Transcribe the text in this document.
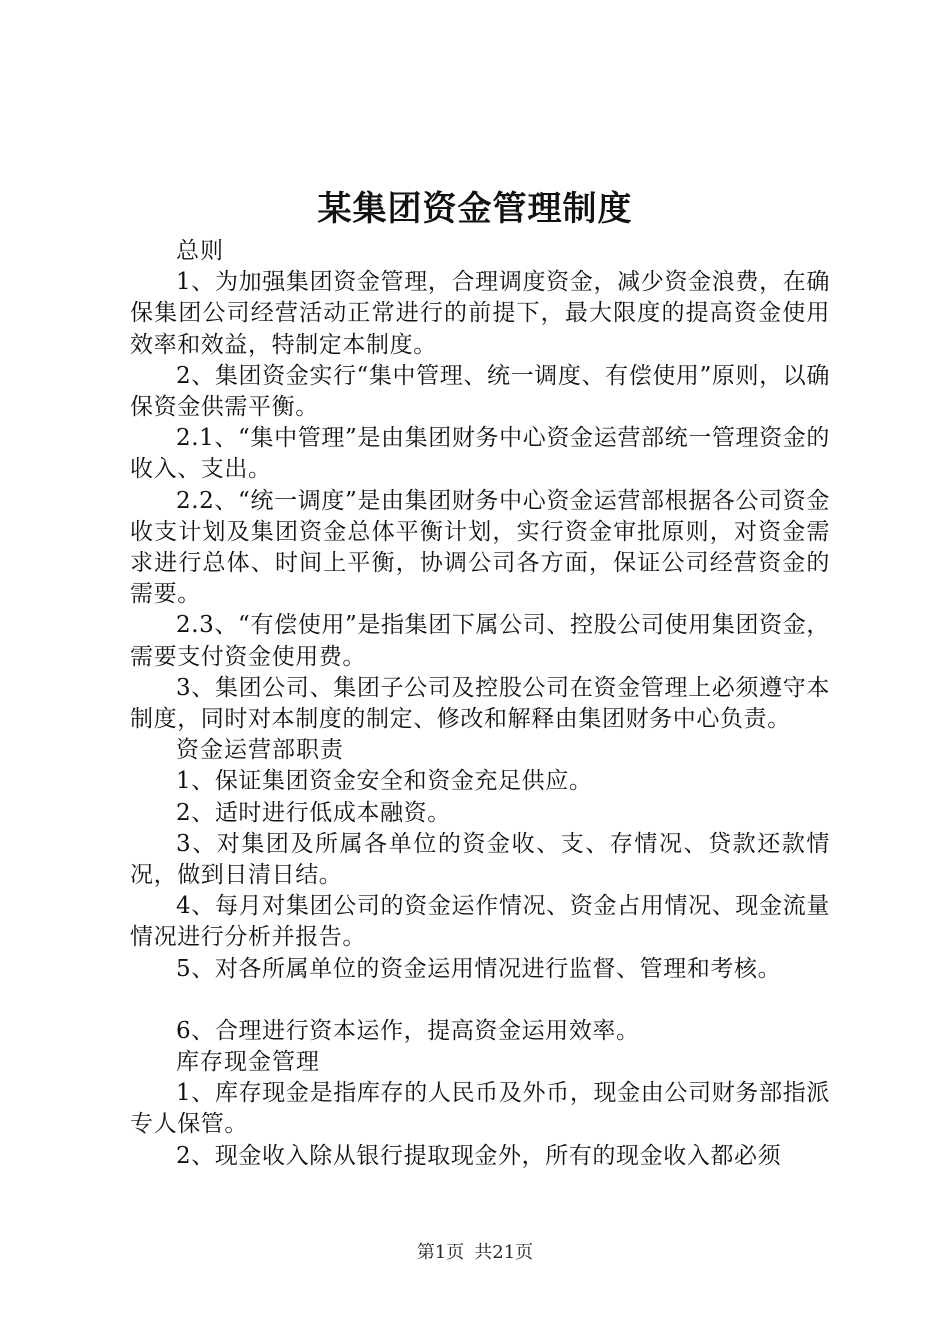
某集团资金管理制度

总则

1、为加强集团资金管理，合理调度资金，减少资金浪费，在确保集团公司经营活动正常进行的前提下，最大限度的提高资金使用效率和效益，特制定本制度。

2、集团资金实行“集中管理、统一调度、有偿使用”原则，以确保资金供需平衡。

2.1、“集中管理”是由集团财务中心资金运营部统一管理资金的收入、支出。

2.2、“统一调度”是由集团财务中心资金运营部根据各公司资金收支计划及集团资金总体平衡计划，实行资金审批原则，对资金需求进行总体、时间上平衡，协调公司各方面，保证公司经营资金的需要。

2.3、“有偿使用”是指集团下属公司、控股公司使用集团资金，需要支付资金使用费。

3、集团公司、集团子公司及控股公司在资金管理上必须遵守本制度，同时对本制度的制定、修改和解释由集团财务中心负责。

资金运营部职责

1、保证集团资金安全和资金充足供应。

2、适时进行低成本融资。

3、对集团及所属各单位的资金收、支、存情况、贷款还款情况，做到日清日结。

4、每月对集团公司的资金运作情况、资金占用情况、现金流量情况进行分析并报告。

5、对各所属单位的资金运用情况进行监督、管理和考核。

6、合理进行资本运作，提高资金运用效率。

库存现金管理

1、库存现金是指库存的人民币及外币，现金由公司财务部指派专人保管。

2、现金收入除从银行提取现金外，所有的现金收入都必须

第1页 共21页
